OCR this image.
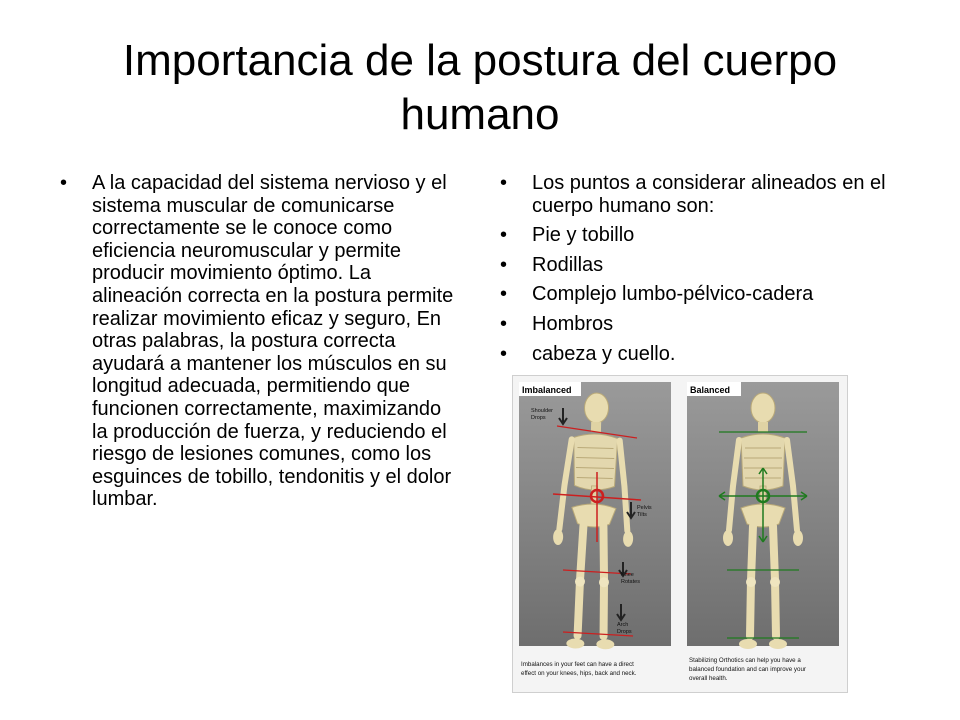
Importancia de la postura del cuerpo humano
• A la capacidad del sistema nervioso y el sistema muscular de comunicarse correctamente se le conoce como eficiencia neuromuscular y permite producir movimiento óptimo. La alineación correcta en la postura permite realizar movimiento eficaz y seguro, En otras palabras, la postura correcta ayudará a mantener los músculos en su longitud adecuada, permitiendo que funcionen correctamente, maximizando la producción de fuerza, y reduciendo el riesgo de lesiones comunes, como los esguinces de tobillo, tendonitis y el dolor lumbar.
• Los puntos a considerar alineados en el cuerpo humano son:
• Pie y tobillo
• Rodillas
• Complejo lumbo-pélvico-cadera
• Hombros
• cabeza y cuello.
Imbalanced
Shoulder
Drops
Pelvis
Tilts
Knee
Rotates
Arch
Drops
Imbalances in your feet can have a direct
effect on your knees, hips, back and neck.
Balanced
Stabilizing Orthotics can help you have a
balanced foundation and can improve your
overall health.
